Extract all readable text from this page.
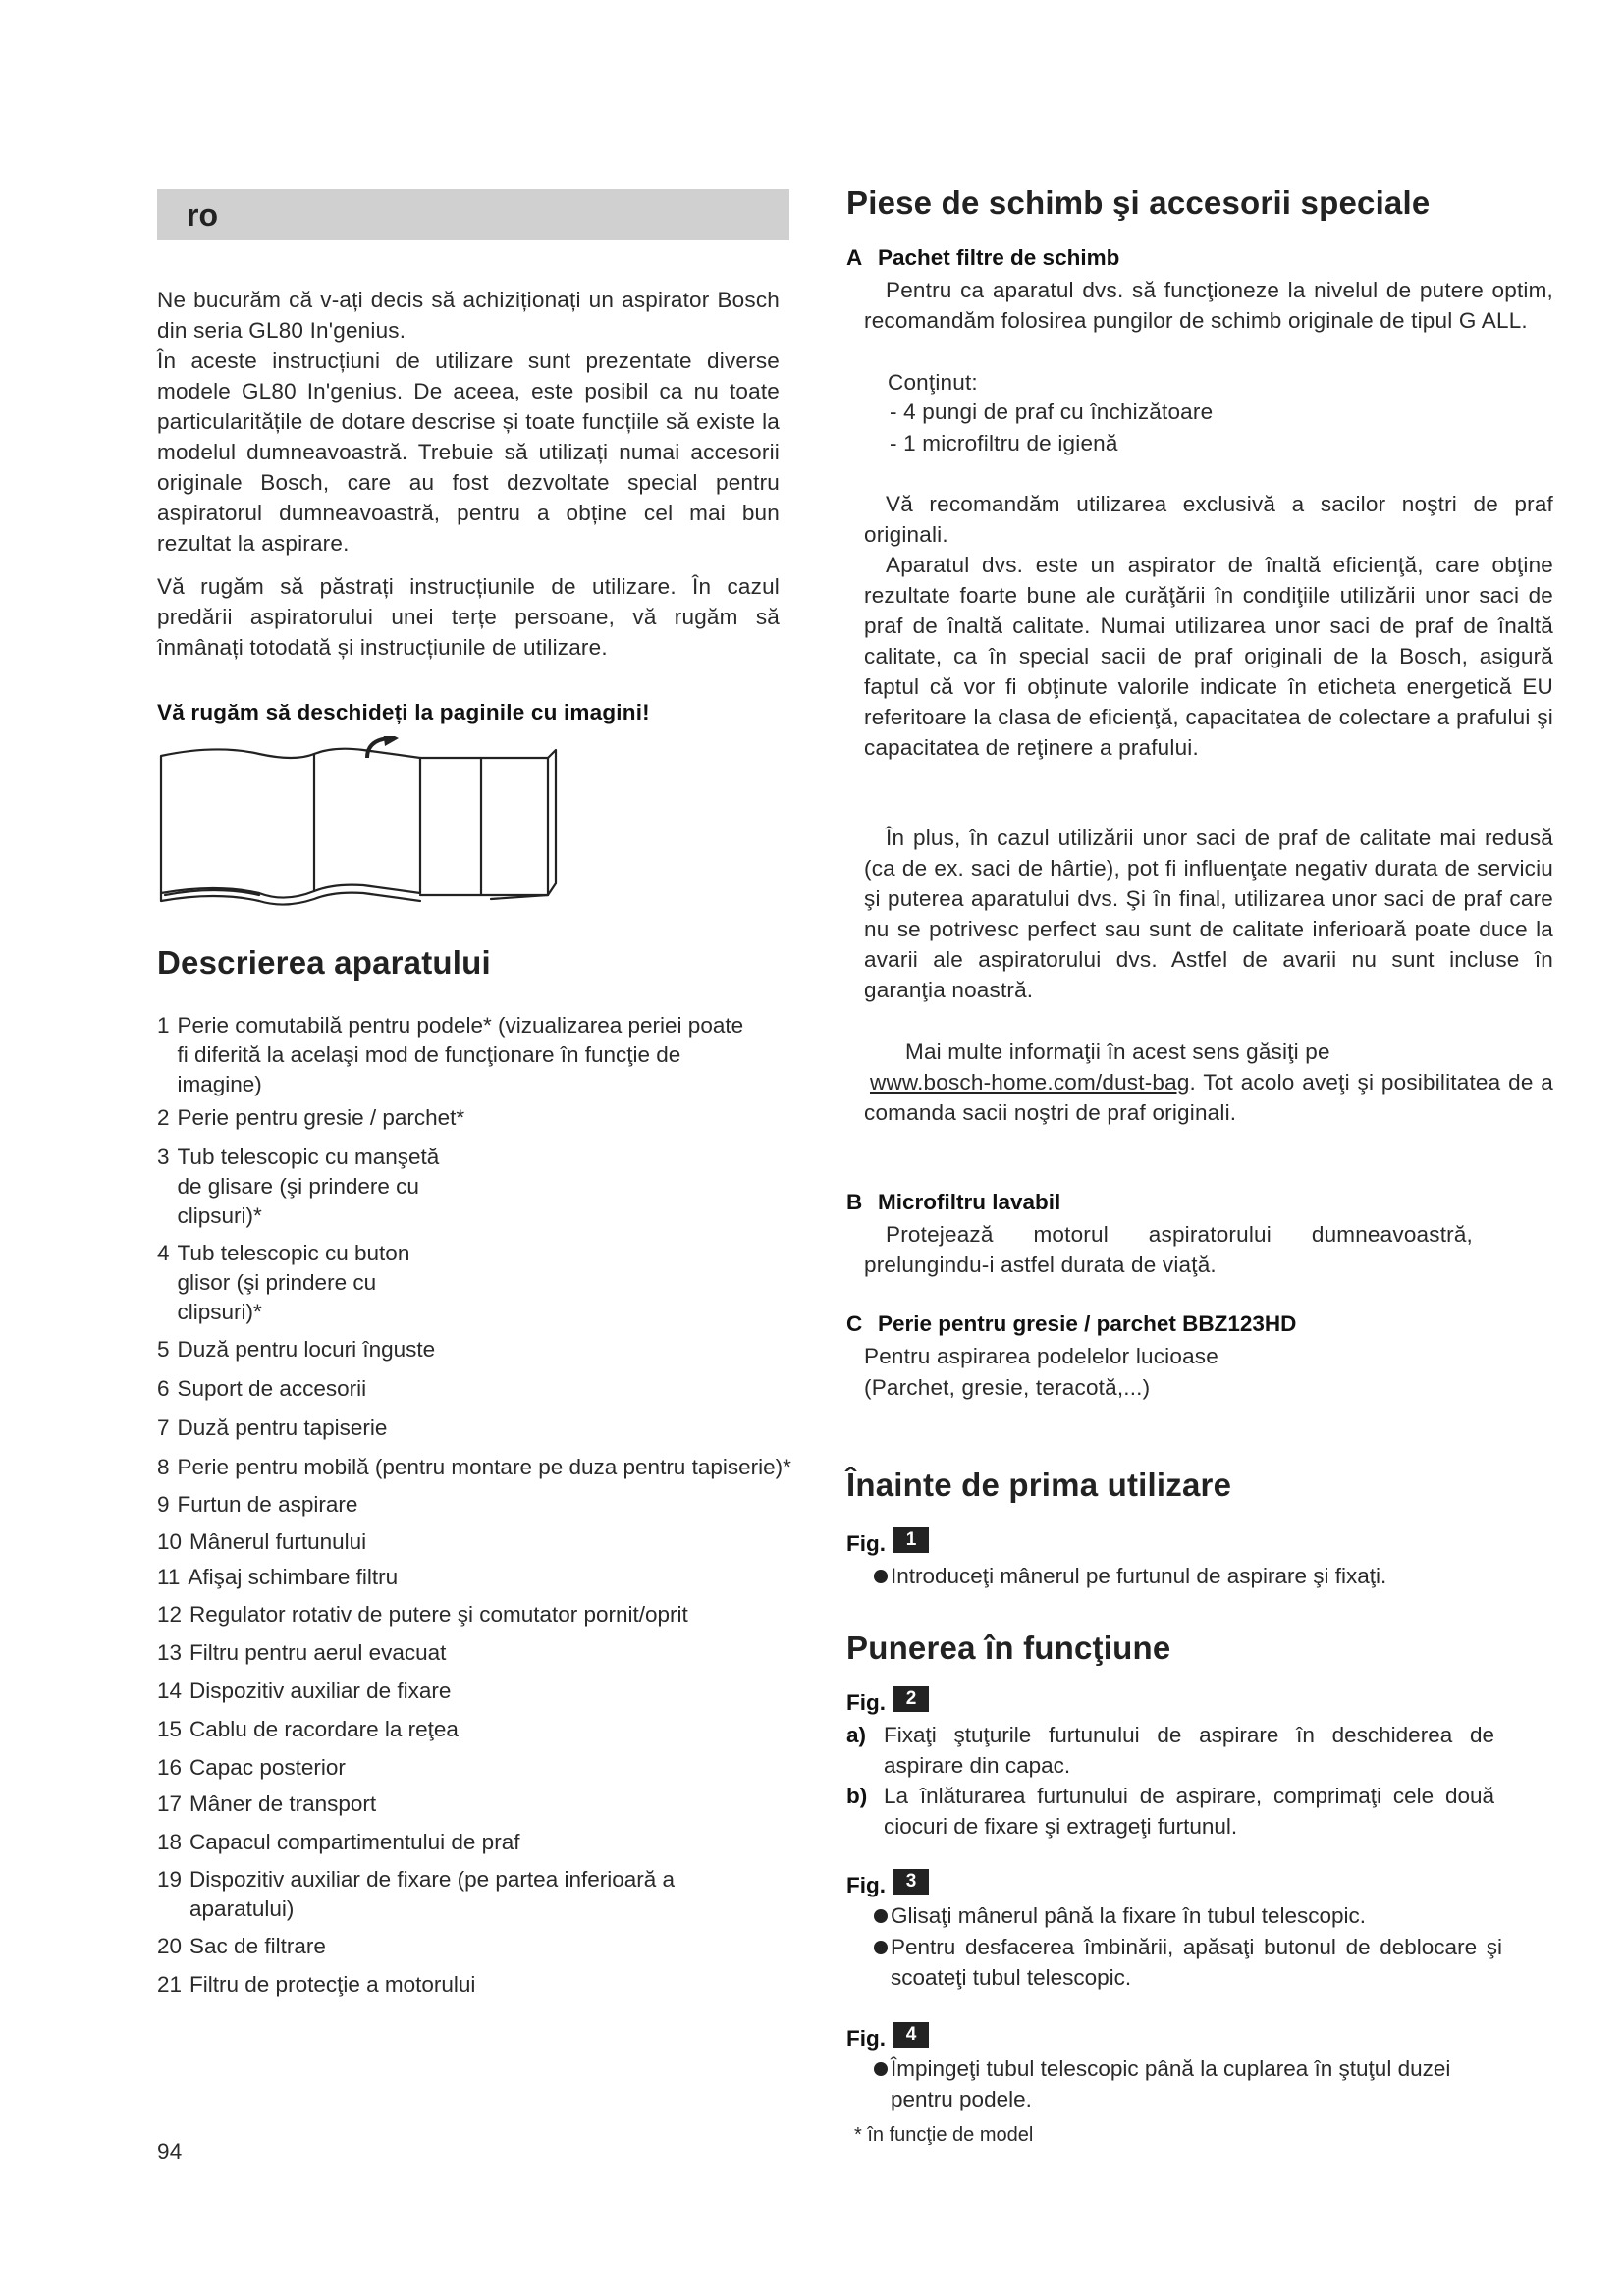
ro

Ne bucurăm că v-ați decis să achiziționați un aspirator Bosch din seria GL80 In'genius.

În aceste instrucțiuni de utilizare sunt prezentate diverse modele GL80 In'genius. De aceea, este posibil ca nu toate particularitățile de dotare descrise și toate funcțiile să existe la modelul dumneavoastră. Trebuie să utilizați numai accesorii originale Bosch, care au fost dezvoltate special pentru aspiratorul dumneavoastră, pentru a obține cel mai bun rezultat la aspirare.

Vă rugăm să păstrați instrucțiunile de utilizare. În cazul predării aspiratorului unei terțe persoane, vă rugăm să înmânați totodată și instrucțiunile de utilizare.

Vă rugăm să deschideți la paginile cu imagini!

Descrierea aparatului
1 Perie comutabilă pentru podele* (vizualizarea periei poate fi diferită la acelaşi mod de funcţionare în funcţie de imagine)
2 Perie pentru gresie / parchet*
3 Tub telescopic cu manşetă de glisare (şi prindere cu clipsuri)*
4 Tub telescopic cu buton glisor (şi prindere cu clipsuri)*
5 Duză pentru locuri înguste
6 Suport de accesorii
7 Duză pentru tapiserie
8 Perie pentru mobilă (pentru montare pe duza pentru tapiserie)*
9 Furtun de aspirare
10 Mânerul furtunului
11 Afişaj schimbare filtru
12 Regulator rotativ de putere şi comutator pornit/oprit
13 Filtru pentru aerul evacuat
14 Dispozitiv auxiliar de fixare
15 Cablu de racordare la reţea
16 Capac posterior
17 Mâner de transport
18 Capacul compartimentului de praf
19 Dispozitiv auxiliar de fixare (pe partea inferioară a aparatului)
20 Sac de filtrare
21 Filtru de protecţie a motorului
94
Piese de schimb şi accesorii speciale
A Pachet filtre de schimb

Pentru ca aparatul dvs. să funcţioneze la nivelul de putere optim, recomandăm folosirea pungilor de schimb originale de tipul G ALL.

Conţinut:

- 4 pungi de praf cu închizătoare

- 1 microfiltru de igienă

Vă recomandăm utilizarea exclusivă a sacilor noştri de praf originali.

Aparatul dvs. este un aspirator de înaltă eficienţă, care obţine rezultate foarte bune ale curăţării în condiţiile utilizării unor saci de praf de înaltă calitate. Numai utilizarea unor saci de praf de înaltă calitate, ca în special sacii de praf originali de la Bosch, asigură faptul că vor fi obţinute valorile indicate în eticheta energetică EU referitoare la clasa de eficienţă, capacitatea de colectare a prafului şi capacitatea de reţinere a prafului.

În plus, în cazul utilizării unor saci de praf de calitate mai redusă (ca de ex. saci de hârtie), pot fi influenţate negativ durata de serviciu şi puterea aparatului dvs. Şi în final, utilizarea unor saci de praf care nu se potrivesc perfect sau sunt de calitate inferioară poate duce la avarii ale aspiratorului dvs. Astfel de avarii nu sunt incluse în garanţia noastră.

Mai multe informaţii în acest sens găsiţi pe
www.bosch-home.com/dust-bag. Tot acolo aveţi şi posibilitatea de a comanda sacii noştri de praf originali.

B Microfiltru lavabil

Protejează motorul aspiratorului dumneavoastră, prelungindu-i astfel durata de viaţă.

C Perie pentru gresie / parchet BBZ123HD

Pentru aspirarea podelelor lucioase

(Parchet, gresie, teracotă,...)

Înainte de prima utilizare
Fig.	1
Introduceţi mânerul pe furtunul de aspirare şi fixaţi.
Punerea în funcţiune
Fig.	2
a) Fixaţi ştuţurile furtunului de aspirare în deschiderea de aspirare din capac.
b) La înlăturarea furtunului de aspirare, comprimaţi cele două ciocuri de fixare şi extrageţi furtunul.
Fig.	3
Glisaţi mânerul până la fixare în tubul telescopic.
Pentru desfacerea îmbinării, apăsaţi butonul de deblocare şi scoateţi tubul telescopic.
Fig.	4
Împingeţi tubul telescopic până la cuplarea în ştuţul duzei pentru podele.

* în funcţie de model
